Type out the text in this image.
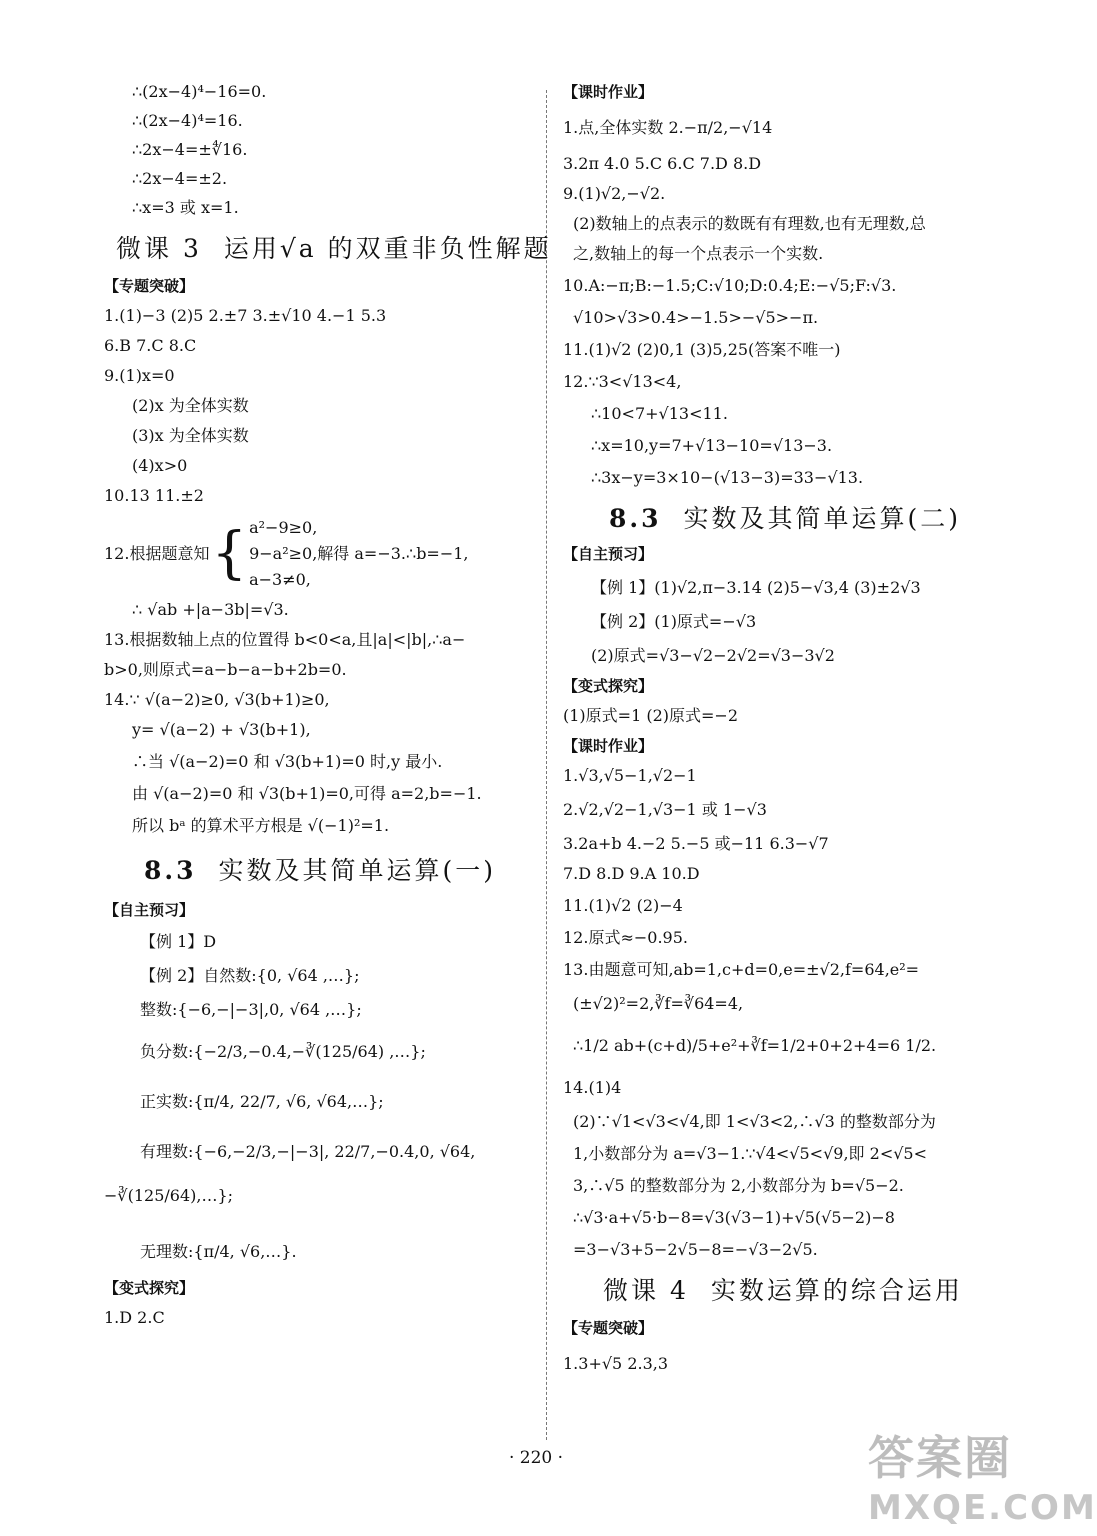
∴(2x−4)⁴−16=0.

∴(2x−4)⁴=16.

∴2x−4=±∜16.

∴2x−4=±2.

∴x=3 或 x=1.

微课 3 运用√a 的双重非负性解题

【专题突破】

1.(1)−3 (2)5 2.±7 3.±√10 4.−1 5.3

6.B 7.C 8.C

9.(1)x=0

(2)x 为全体实数

(3)x 为全体实数

(4)x>0

10.13 11.±2

12.根据题意知 { a²−9≥0,

9−a²≥0,解得 a=−3.∴b=−1,

a−3≠0,

∴ √ab +|a−3b|=√3.

13.根据数轴上点的位置得 b<0<a,且|a|<|b|,∴a−

b>0,则原式=a−b−a−b+2b=0.

14.∵ √(a−2)≥0, √3(b+1)≥0,

y= √(a−2) + √3(b+1),

∴当 √(a−2)=0 和 √3(b+1)=0 时,y 最小.

由 √(a−2)=0 和 √3(b+1)=0,可得 a=2,b=−1.

所以 bᵃ 的算术平方根是 √(−1)²=1.

8.3 实数及其简单运算(一)

【自主预习】

【例 1】D

【例 2】自然数:{0, √64 ,…};

整数:{−6,−|−3|,0, √64 ,…};

负分数:{−2/3,−0.4,−∛(125/64) ,…};

正实数:{π/4, 22/7, √6, √64,…};

有理数:{−6,−2/3,−|−3|, 22/7,−0.4,0, √64,

−∛(125/64),…};

无理数:{π/4, √6,…}.

【变式探究】

1.D 2.C

【课时作业】

1.点,全体实数 2.−π/2,−√14

3.2π 4.0 5.C 6.C 7.D 8.D

9.(1)√2,−√2.

(2)数轴上的点表示的数既有有理数,也有无理数,总

之,数轴上的每一个点表示一个实数.

10.A:−π;B:−1.5;C:√10;D:0.4;E:−√5;F:√3.

√10>√3>0.4>−1.5>−√5>−π.

11.(1)√2 (2)0,1 (3)5,25(答案不唯一)

12.∵3<√13<4,

∴10<7+√13<11.

∴x=10,y=7+√13−10=√13−3.

∴3x−y=3×10−(√13−3)=33−√13.

8.3 实数及其简单运算(二)

【自主预习】

【例 1】(1)√2,π−3.14 (2)5−√3,4 (3)±2√3

【例 2】(1)原式=−√3

(2)原式=√3−√2−2√2=√3−3√2

【变式探究】

(1)原式=1 (2)原式=−2

【课时作业】

1.√3,√5−1,√2−1

2.√2,√2−1,√3−1 或 1−√3

3.2a+b 4.−2 5.−5 或−11 6.3−√7

7.D 8.D 9.A 10.D

11.(1)√2 (2)−4

12.原式≈−0.95.

13.由题意可知,ab=1,c+d=0,e=±√2,f=64,e²=

(±√2)²=2,∛f=∛64=4,

∴1/2 ab+(c+d)/5+e²+∛f=1/2+0+2+4=6 1/2.

14.(1)4

(2)∵√1<√3<√4,即 1<√3<2,∴√3 的整数部分为

1,小数部分为 a=√3−1.∵√4<√5<√9,即 2<√5<

3,∴√5 的整数部分为 2,小数部分为 b=√5−2.

∴√3·a+√5·b−8=√3(√3−1)+√5(√5−2)−8

=3−√3+5−2√5−8=−√3−2√5.

微课 4 实数运算的综合运用

【专题突破】

1.3+√5 2.3,3

· 220 ·	答案圈
MXQE.COM
